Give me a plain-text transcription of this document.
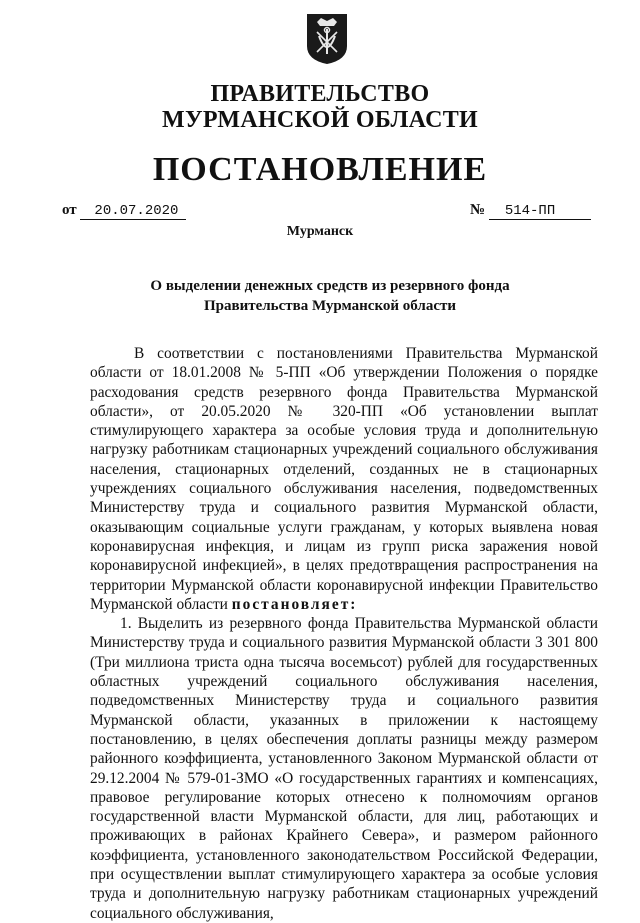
ПРАВИТЕЛЬСТВО
МУРМАНСКОЙ ОБЛАСТИ
ПОСТАНОВЛЕНИЕ
от 20.07.2020	№ 514-ПП
Мурманск
О выделении денежных средств из резервного фонда
Правительства Мурманской области

В соответствии с постановлениями Правительства Мурманской области от 18.01.2008 № 5-ПП «Об утверждении Положения о порядке расходования средств резервного фонда Правительства Мурманской области», от 20.05.2020 № 320-ПП «Об установлении выплат стимулирующего характера за особые условия труда и дополнительную нагрузку работникам стационарных учреждений социального обслуживания населения, стационарных отделений, созданных не в стационарных учреждениях социального обслуживания населения, подведомственных Министерству труда и социального развития Мурманской области, оказывающим социальные услуги гражданам, у которых выявлена новая коронавирусная инфекция, и лицам из групп риска заражения новой коронавирусной инфекцией», в целях предотвращения распространения на территории Мурманской области коронавирусной инфекции Правительство Мурманской области постановляет:

1. Выделить из резервного фонда Правительства Мурманской области Министерству труда и социального развития Мурманской области 3 301 800 (Три миллиона триста одна тысяча восемьсот) рублей для государственных областных учреждений социального обслуживания населения, подведомственных Министерству труда и социального развития Мурманской области, указанных в приложении к настоящему постановлению, в целях обеспечения доплаты разницы между размером районного коэффициента, установленного Законом Мурманской области от 29.12.2004 № 579-01-ЗМО «О государственных гарантиях и компенсациях, правовое регулирование которых отнесено к полномочиям органов государственной власти Мурманской области, для лиц, работающих и проживающих в районах Крайнего Севера», и размером районного коэффициента, установленного законодательством Российской Федерации, при осуществлении выплат стимулирующего характера за особые условия труда и дополнительную нагрузку работникам стационарных учреждений социального обслуживания,
